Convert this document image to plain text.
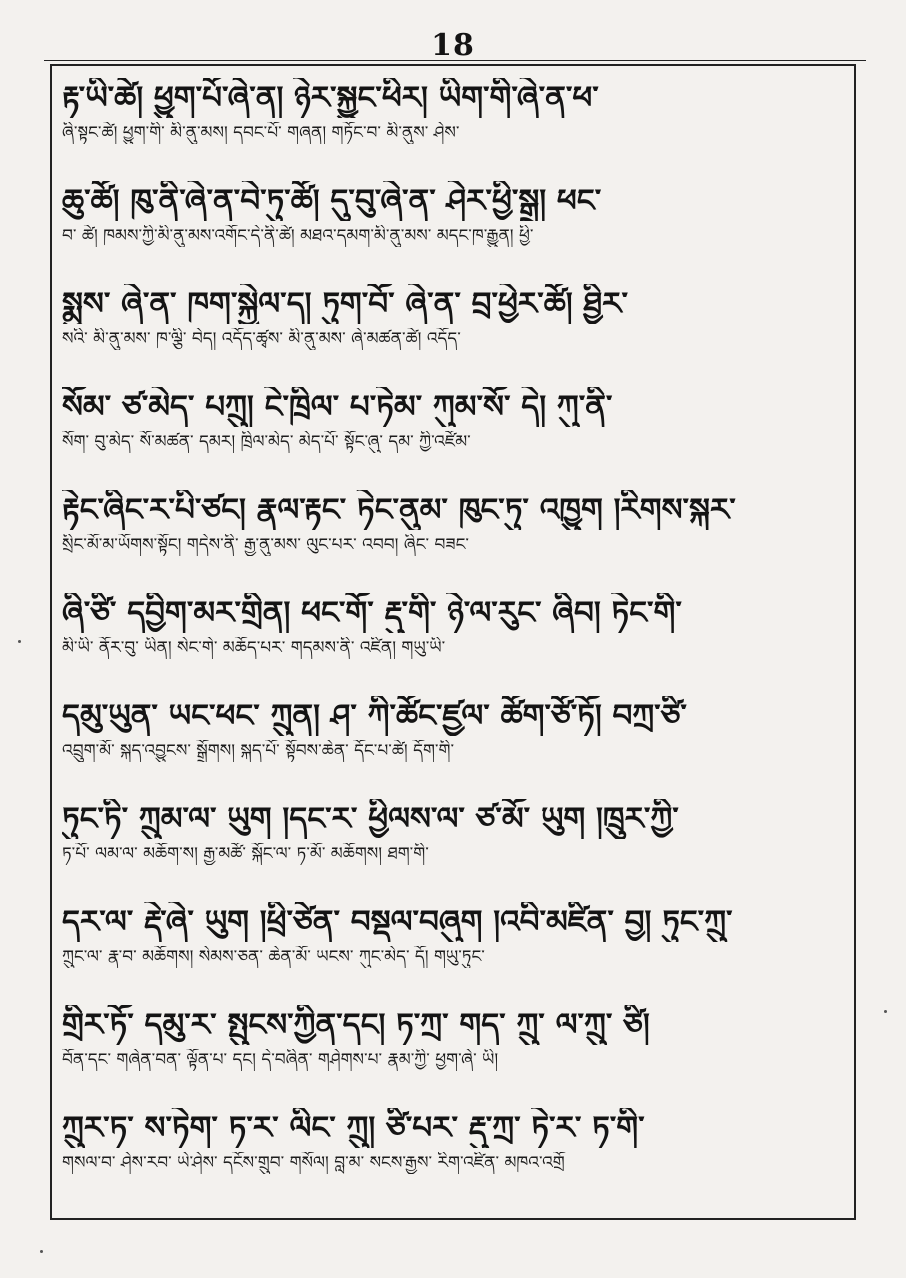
18
རྟ་ཡི་ཚེ། ཕྱུག་པོ་ཞེ་ན། ཉེར་སྐྱུང་ཕིར། ཡིག་གི་ཞེ་ན་ཕ་
ཞི་སྟང་ཚེ། ཕྱུག་གི་ མི་ནུ་མས། དབང་པོ་ གཞན། གཏོང་བ་ མི་ནུས་ ཤེས་
ཆུ་ཚོ། ཁུ་ནི་ཞེ་ན་བེ་ཏུ་ཚོ། དུ་བུ་ཞེ་ན་ ཤེར་ཕྱི་སྒྲ། ཕང་
བ་ ཚེ། ཁམས་ཀྱི་མི་ནུ་མས་འགོང་དེ་ནི་ཚེ། མཐའ་དམག་མི་ནུ་མས་ མདང་ཁ་རྒྱུན། ཕྱི་
སྨུས་ ཞེ་ན་ ཁག་སྐྱེལ་ད། ཏུག་བོ་ ཞེ་ན་ བྲ་ཕྱེར་ཚོ། ཐྱིར་
སའི་ མི་ནུ་མས་ ཁ་ལྕི་ བེད། འདོད་ཚྭས་ མི་ནུ་མས་ ཞེ་མཚན་ཚེ། འདོད་
སོམ་ ཙ་མེད་ པཀྲུ། ངེ་ཁྲིལ་ པ་ཏེམ་ ཀུམ་སོ་ དེ། ཀུ་ནི་
སོག་ བུ་མེད་ སོ་མཚན་ དམར། ཁྲིལ་མེད་ མེད་པོ་ སྟོང་ཞུ་ དམ་ ཀྱི་འཛོམ་
རྟེང་ཞིང་ར་པི་ཙང། རྣལ་རྟང་ ཏེང་ནུམ་ ཁུང་ཏུ་ འཁྱུག །རིགས་སྐར་
སྲིང་མོ་མ་ཡོགས་སྟོང། གདེས་ནི་ རྒྱ་ནུ་མས་ ལུང་པར་ འབབ། ཞིང་ བཟང་
ཞི་ཙི་ དབྱིག་མར་གྲིན། ཕང་གོ་ རྡུ་གི་ ཉེ་ལ་རུང་ ཞིབ། ཏེང་གི་
མི་ཡི་ ནོར་བུ་ ཡིན། སེང་གེ་ མཆོད་པར་ གདམས་ནི་ འཛིན། གཡུ་ཡི་
དམུ་ཡུན་ ཡང་ཕང་ ཀྲུན། ཤ་ ཀི་ཚོང་ཛྱལ་ ཚོག་ཙོ་ཏོ། བཀྲ་ཙི་
འབྲུག་མོ་ སྐད་འབྱུངས་ སྒྲོགས། སྐད་པོ་ སྟོབས་ཆེན་ དོང་པ་ཚེ། དོག་གི་
ཏུང་ཏི་ ཀྲུམ་ལ་ ཡུག །དང་ར་ ཕྱིལས་ལ་ ཙ་མོ་ ཡུག །ཁྲུར་ཀྱི་
ཏ་པོ་ ལམ་ལ་ མཆོག་ས། རྒྱ་མཚོ་ སྐོང་ལ་ ཏ་མོ་ མཆོགས། ཐག་གི་
དར་ལ་ རྡེ་ཞེ་ ཡུག །ཕྲི་ཙེན་ བསྡལ་བཞུག །འབི་མཛིན་ བྱ། ཏུང་ཀྲུ་
ཀྲུང་ལ་ རྣ་བ་ མཆོགས། སེམས་ཅན་ ཆེན་མོ་ ཡངས་ ཀུང་མེད་ དོ། གཡུ་ཏུང་
གྲིར་ཏོ་ དམུ་ར་ སྤུངས་ཀྱིན་དང། ཏ་ཀྲ་ གད་ ཀྲུ་ ལ་ཀྲུ་ ཙི།
བོན་དང་ གཞེན་བན་ ལྟོན་པ་ དང། དེ་བཞིན་ གཤེགས་པ་ རྣམ་ཀྱི་ ཕྱག་ཞེ་ ཡི།
ཀྲུར་ཏ་ ས་ཏེག་ ཏ་ར་ ལིང་ ཀྲུ། ཙི་པར་ རྡུ་ཀྲ་ ཏེ་ར་ ཏ་གི་
གསལ་བ་ ཤེས་རབ་ ཡེ་ཤེས་ དངོས་གྲུབ་ གསོལ། བླ་མ་ སངས་རྒྱས་ རིག་འཛིན་ མཁའ་འགྲོ
